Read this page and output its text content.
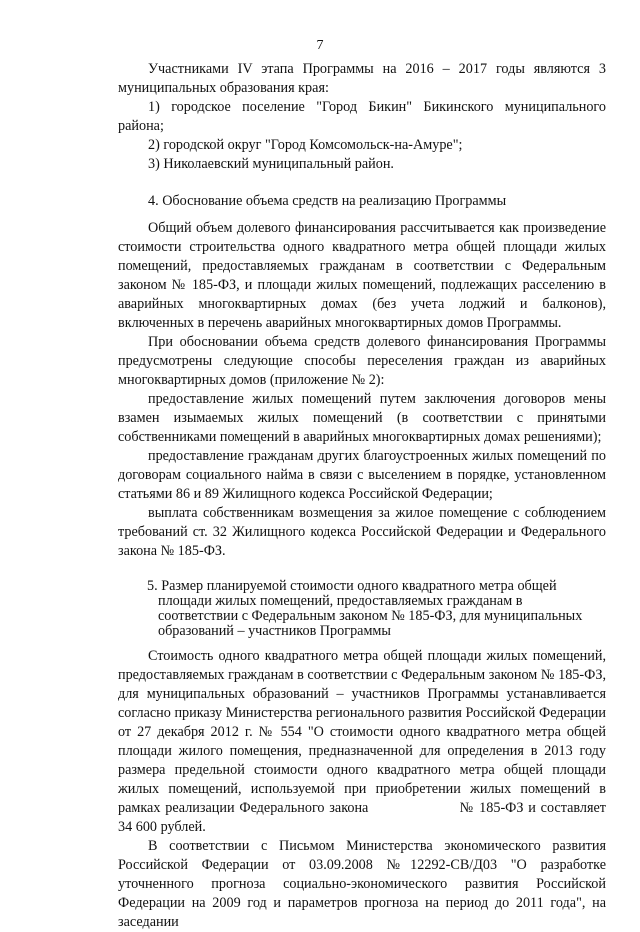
7

Участниками IV этапа Программы на 2016 – 2017 годы являются 3 муниципальных образования края:

1) городское поселение "Город Бикин" Бикинского муниципального района;

2) городской округ "Город Комсомольск-на-Амуре";

3) Николаевский муниципальный район.

4. Обоснование объема средств на реализацию Программы

Общий объем долевого финансирования рассчитывается как произведение стоимости строительства одного квадратного метра общей площади жилых помещений, предоставляемых гражданам в соответствии с Федеральным законом № 185-ФЗ, и площади жилых помещений, подлежащих расселению в аварийных многоквартирных домах (без учета лоджий и балконов), включенных в перечень аварийных многоквартирных домов Программы.

При обосновании объема средств долевого финансирования Программы предусмотрены следующие способы переселения граждан из аварийных многоквартирных домов (приложение № 2):

предоставление жилых помещений путем заключения договоров мены взамен изымаемых жилых помещений (в соответствии с принятыми собственниками помещений в аварийных многоквартирных домах решениями);

предоставление гражданам других благоустроенных жилых помещений по договорам социального найма в связи с выселением в порядке, установленном статьями 86 и 89 Жилищного кодекса Российской Федерации;

выплата собственникам возмещения за жилое помещение с соблюдением требований ст. 32 Жилищного кодекса Российской Федерации и Федерального закона № 185-ФЗ.

5. Размер планируемой стоимости одного квадратного метра общей площади жилых помещений, предоставляемых гражданам в соответствии с Федеральным законом № 185-ФЗ, для муниципальных образований – участников Программы

Стоимость одного квадратного метра общей площади жилых помещений, предоставляемых гражданам в соответствии с Федеральным законом № 185-ФЗ, для муниципальных образований – участников Программы устанавливается согласно приказу Министерства регионального развития Российской Федерации от 27 декабря 2012 г. № 554 "О стоимости одного квадратного метра общей площади жилого помещения, предназначенной для определения в 2013 году размера предельной стоимости одного квадратного метра общей площади жилых помещений, используемой при приобретении жилых помещений в рамках реализации Федерального закона	№ 185-ФЗ и составляет 34 600 рублей.

В соответствии с Письмом Министерства экономического развития Российской Федерации от 03.09.2008 №12292-СВ/Д03 "О разработке уточненного прогноза социально-экономического развития Российской Федерации на 2009 год и параметров прогноза на период до 2011 года", на заседании
